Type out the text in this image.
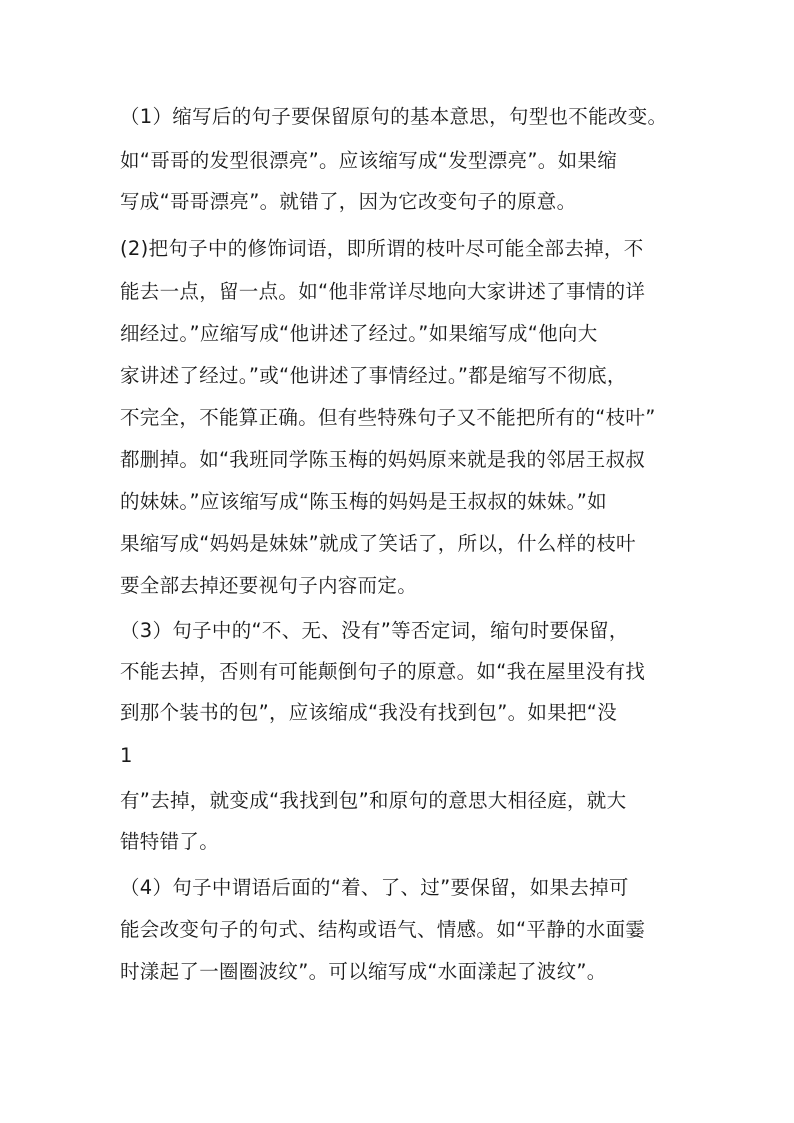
（1）缩写后的句子要保留原句的基本意思，句型也不能改变。
如“哥哥的发型很漂亮”。应该缩写成“发型漂亮”。如果缩
写成“哥哥漂亮”。就错了，因为它改变句子的原意。
(2)把句子中的修饰词语，即所谓的枝叶尽可能全部去掉，不
能去一点，留一点。如“他非常详尽地向大家讲述了事情的详
细经过。”应缩写成“他讲述了经过。”如果缩写成“他向大
家讲述了经过。”或“他讲述了事情经过。”都是缩写不彻底，
不完全，不能算正确。但有些特殊句子又不能把所有的“枝叶”
都删掉。如“我班同学陈玉梅的妈妈原来就是我的邻居王叔叔
的妹妹。”应该缩写成“陈玉梅的妈妈是王叔叔的妹妹。”如
果缩写成“妈妈是妹妹”就成了笑话了，所以，什么样的枝叶
要全部去掉还要视句子内容而定。
（3）句子中的“不、无、没有”等否定词，缩句时要保留，
不能去掉，否则有可能颠倒句子的原意。如“我在屋里没有找
到那个装书的包”，应该缩成“我没有找到包”。如果把“没
1
有”去掉，就变成“我找到包”和原句的意思大相径庭，就大
错特错了。
（4）句子中谓语后面的“着、了、过”要保留，如果去掉可
能会改变句子的句式、结构或语气、情感。如“平静的水面霎
时漾起了一圈圈波纹”。可以缩写成“水面漾起了波纹”。
